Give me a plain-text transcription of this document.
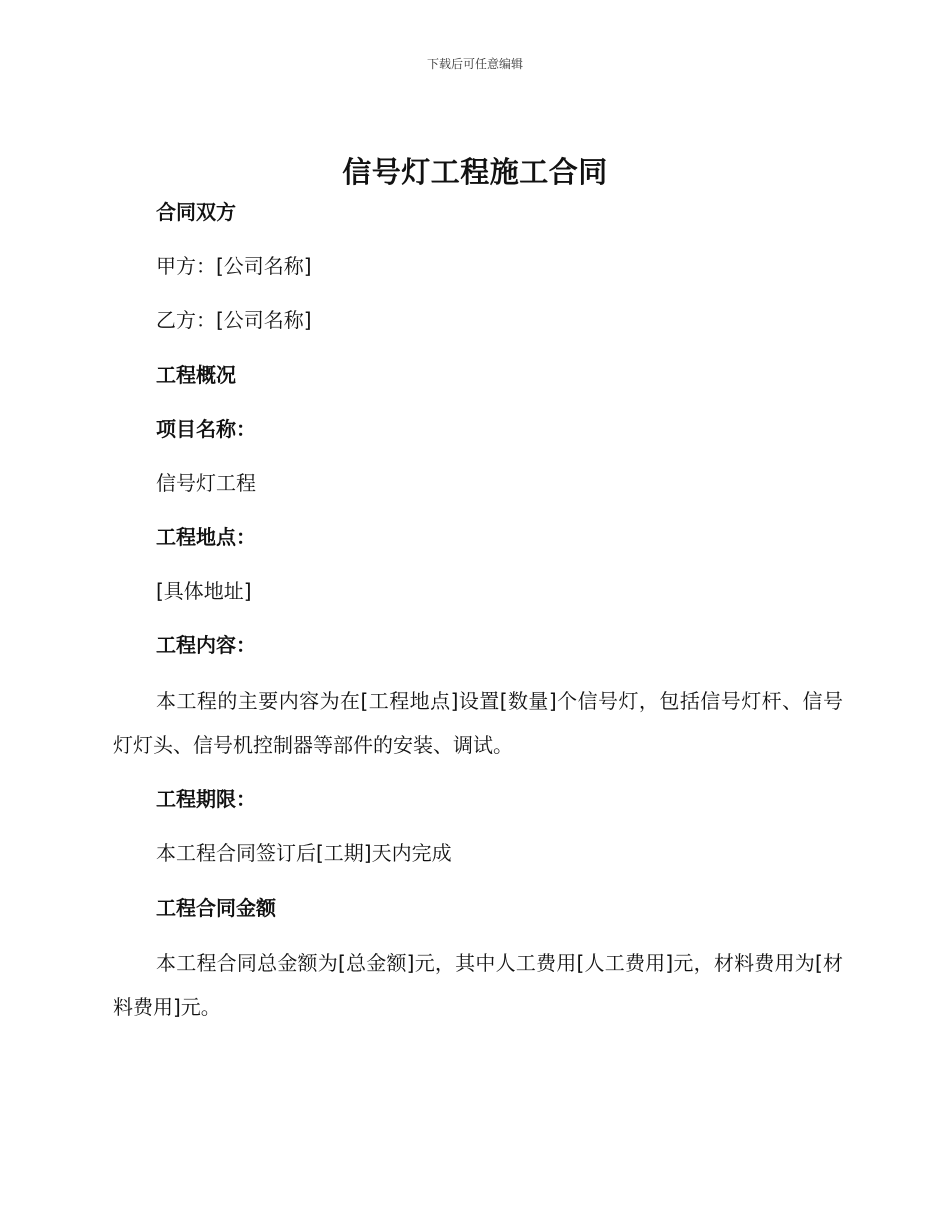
下载后可任意编辑
信号灯工程施工合同
合同双方
甲方：[公司名称]
乙方：[公司名称]
工程概况
项目名称：
信号灯工程
工程地点：
[具体地址]
工程内容：
本工程的主要内容为在[工程地点]设置[数量]个信号灯，包括信号灯杆、信号灯灯头、信号机控制器等部件的安装、调试。
工程期限：
本工程合同签订后[工期]天内完成
工程合同金额
本工程合同总金额为[总金额]元，其中人工费用[人工费用]元，材料费用为[材料费用]元。
